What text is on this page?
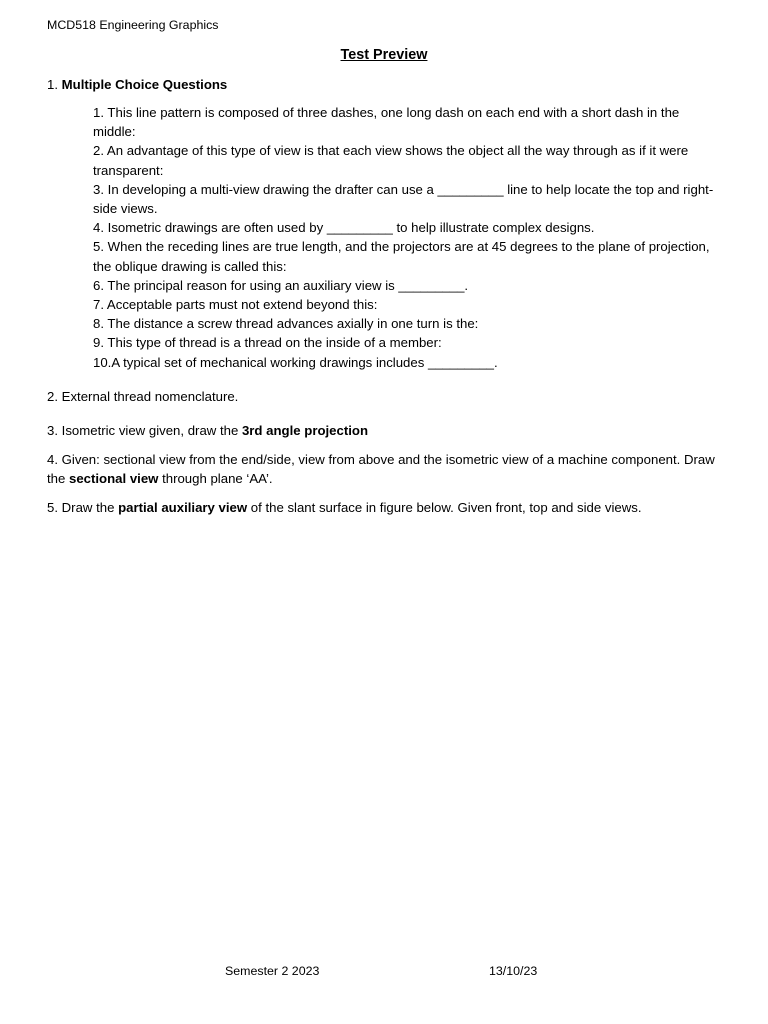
MCD518 Engineering Graphics
Test Preview
1. Multiple Choice Questions
1. This line pattern is composed of three dashes, one long dash on each end with a short dash in the middle:
2. An advantage of this type of view is that each view shows the object all the way through as if it were transparent:
3. In developing a multi-view drawing the drafter can use a _________ line to help locate the top and right-side views.
4. Isometric drawings are often used by _________ to help illustrate complex designs.
5. When the receding lines are true length, and the projectors are at 45 degrees to the plane of projection, the oblique drawing is called this:
6. The principal reason for using an auxiliary view is _________.
7. Acceptable parts must not extend beyond this:
8. The distance a screw thread advances axially in one turn is the:
9. This type of thread is a thread on the inside of a member:
10.A typical set of mechanical working drawings includes _________.
2. External thread nomenclature.
3. Isometric view given, draw the 3rd angle projection
4. Given: sectional view from the end/side, view from above and the isometric view of a machine component. Draw the sectional view through plane ‘AA’.
5. Draw the partial auxiliary view of the slant surface in figure below. Given front, top and side views.
Semester 2 2023	13/10/23
